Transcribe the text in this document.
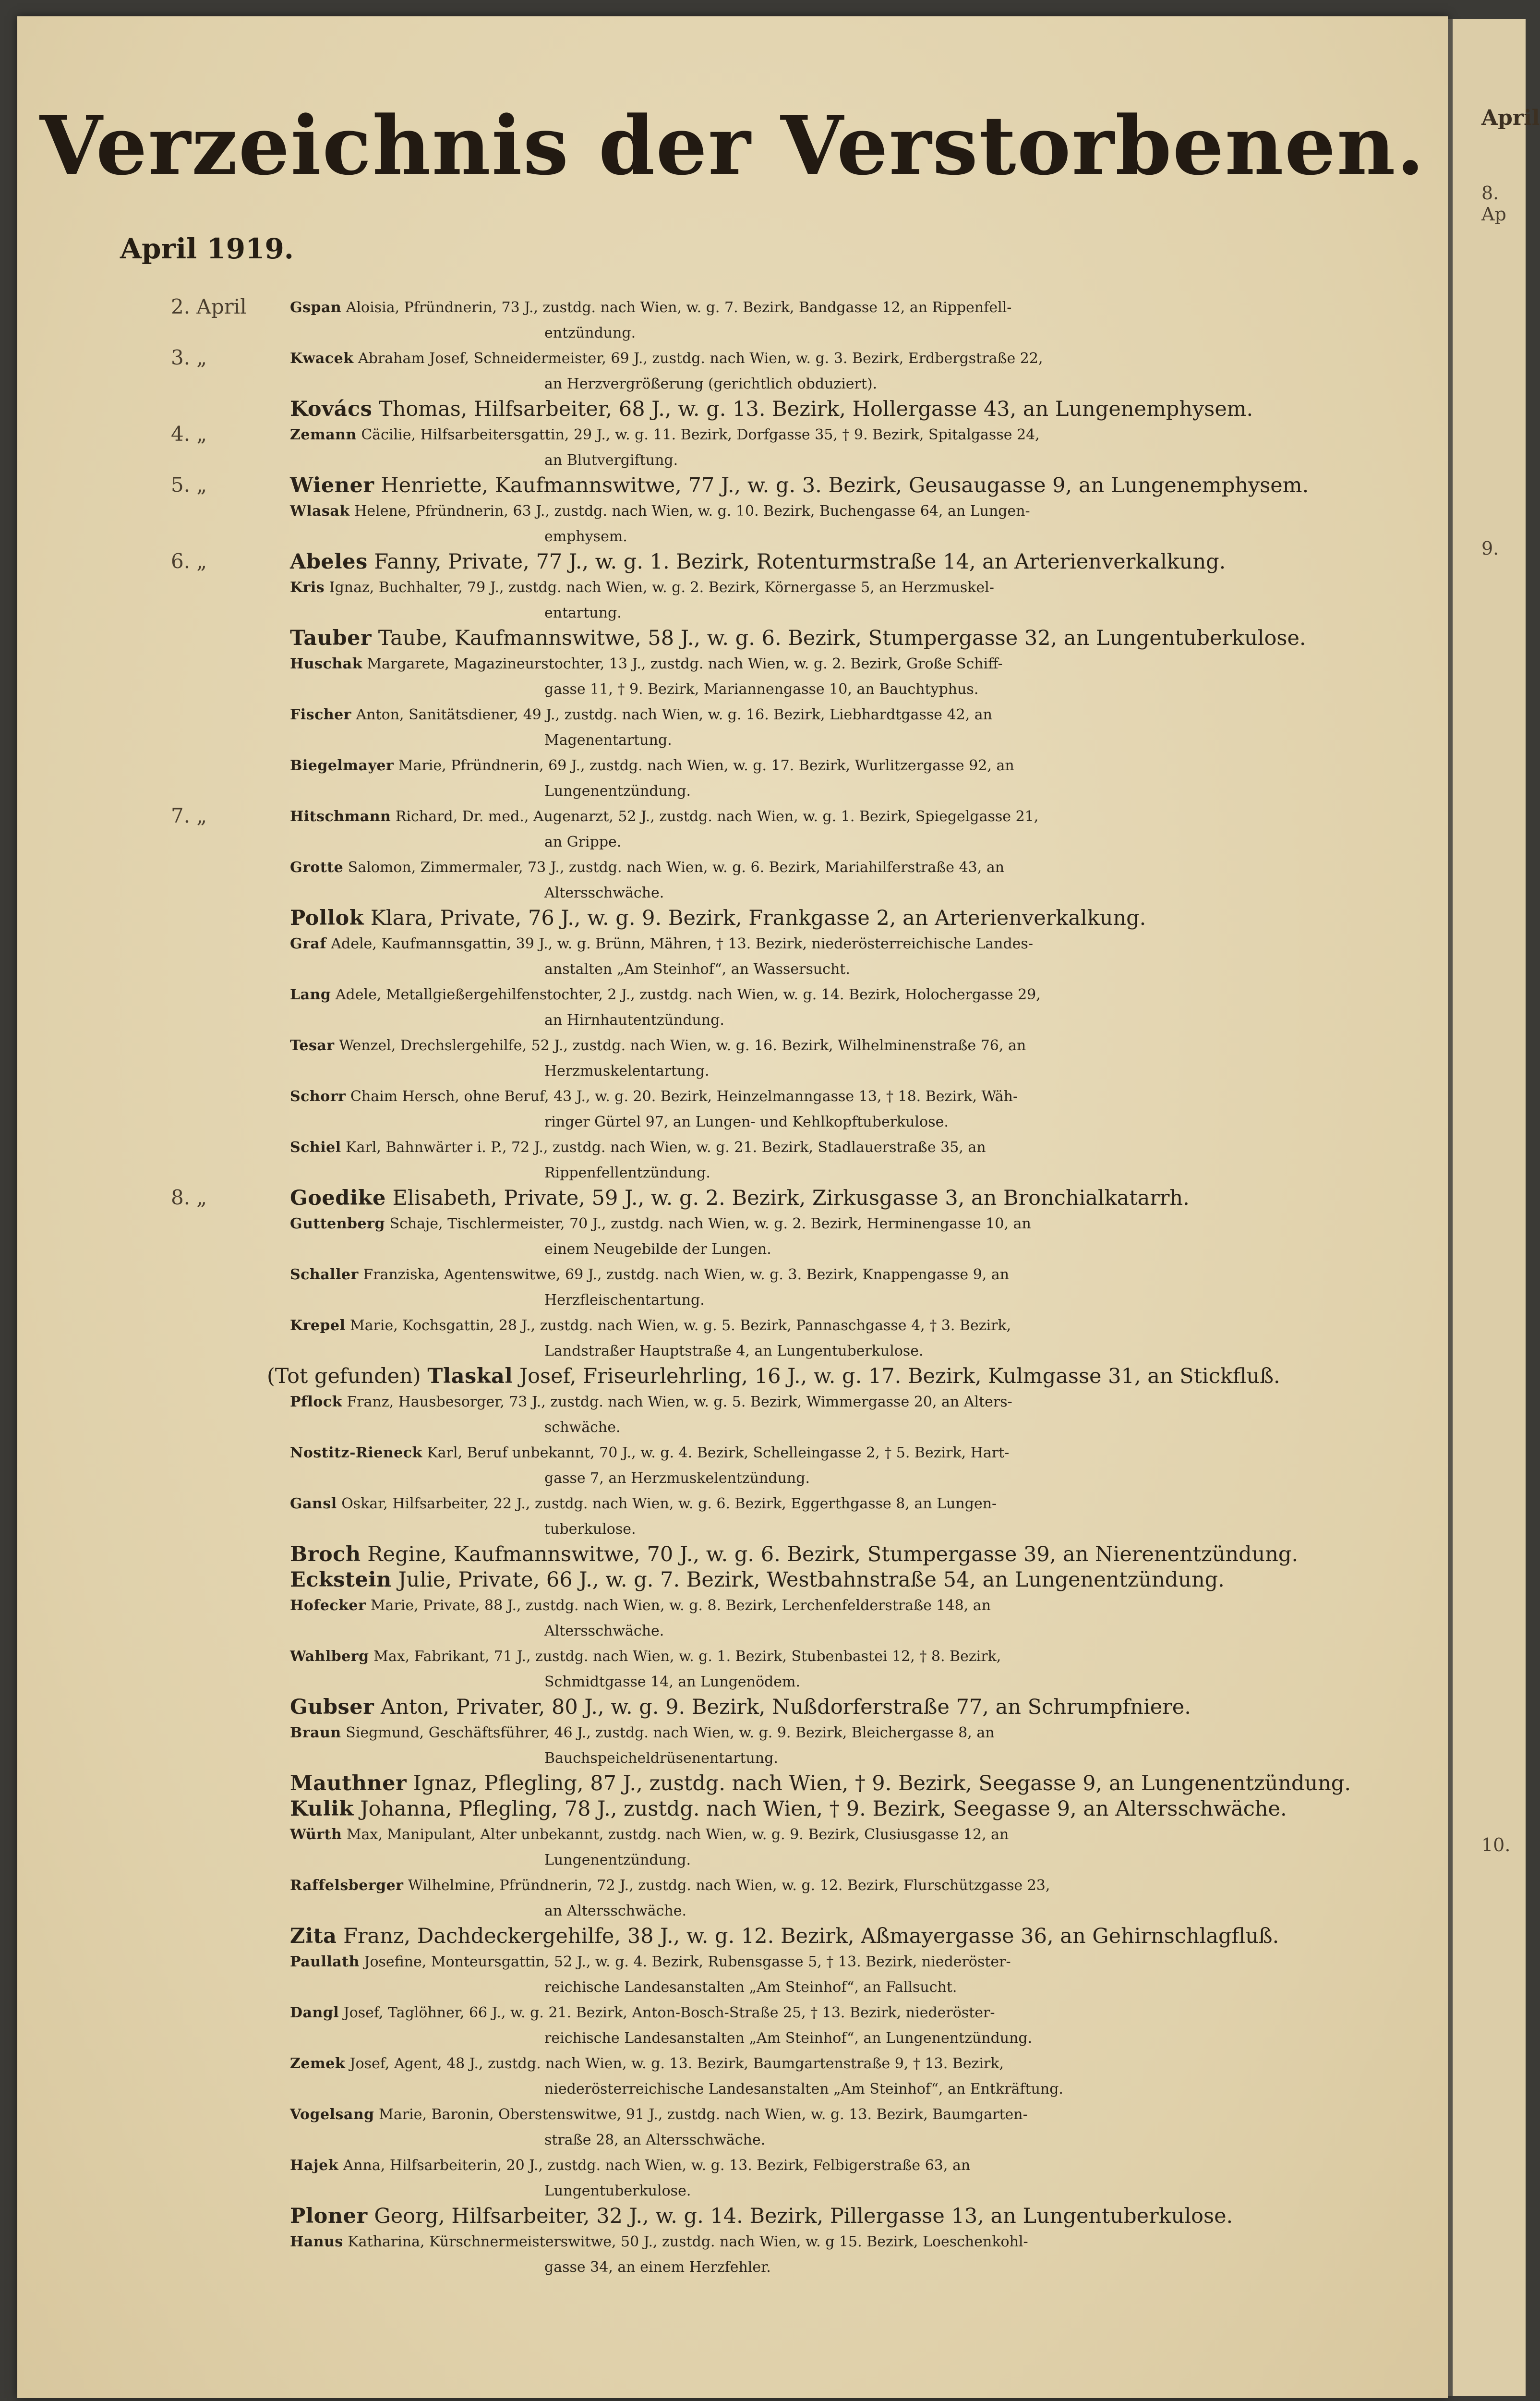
Verzeichnis der Verstorbenen.
April 1919.
2. April	Gspan Aloisia, Pfründnerin, 73 J., zustdg. nach Wien, w. g. 7. Bezirk, Bandgasse 12, an Rippenfell-
entzündung.
3. „	Kwacek Abraham Josef, Schneidermeister, 69 J., zustdg. nach Wien, w. g. 3. Bezirk, Erdbergstraße 22,
an Herzvergrößerung (gerichtlich obduziert).
Kovács Thomas, Hilfsarbeiter, 68 J., w. g. 13. Bezirk, Hollergasse 43, an Lungenemphysem.
4. „	Zemann Cäcilie, Hilfsarbeitersgattin, 29 J., w. g. 11. Bezirk, Dorfgasse 35, † 9. Bezirk, Spitalgasse 24,
an Blutvergiftung.
5. „	Wiener Henriette, Kaufmannswitwe, 77 J., w. g. 3. Bezirk, Geusaugasse 9, an Lungenemphysem.
Wlasak Helene, Pfründnerin, 63 J., zustdg. nach Wien, w. g. 10. Bezirk, Buchengasse 64, an Lungen-
emphysem.
6. „	Abeles Fanny, Private, 77 J., w. g. 1. Bezirk, Rotenturmstraße 14, an Arterienverkalkung.
Kris Ignaz, Buchhalter, 79 J., zustdg. nach Wien, w. g. 2. Bezirk, Körnergasse 5, an Herzmuskel-
entartung.
Tauber Taube, Kaufmannswitwe, 58 J., w. g. 6. Bezirk, Stumpergasse 32, an Lungentuberkulose.
Huschak Margarete, Magazineurstochter, 13 J., zustdg. nach Wien, w. g. 2. Bezirk, Große Schiff-
gasse 11, † 9. Bezirk, Mariannengasse 10, an Bauchtyphus.
Fischer Anton, Sanitätsdiener, 49 J., zustdg. nach Wien, w. g. 16. Bezirk, Liebhardtgasse 42, an
Magenentartung.
Biegelmayer Marie, Pfründnerin, 69 J., zustdg. nach Wien, w. g. 17. Bezirk, Wurlitzergasse 92, an
Lungenentzündung.
7. „	Hitschmann Richard, Dr. med., Augenarzt, 52 J., zustdg. nach Wien, w. g. 1. Bezirk, Spiegelgasse 21,
an Grippe.
Grotte Salomon, Zimmermaler, 73 J., zustdg. nach Wien, w. g. 6. Bezirk, Mariahilferstraße 43, an
Altersschwäche.
Pollok Klara, Private, 76 J., w. g. 9. Bezirk, Frankgasse 2, an Arterienverkalkung.
Graf Adele, Kaufmannsgattin, 39 J., w. g. Brünn, Mähren, † 13. Bezirk, niederösterreichische Landes-
anstalten „Am Steinhof“, an Wassersucht.
Lang Adele, Metallgießergehilfenstochter, 2 J., zustdg. nach Wien, w. g. 14. Bezirk, Holochergasse 29,
an Hirnhautentzündung.
Tesar Wenzel, Drechslergehilfe, 52 J., zustdg. nach Wien, w. g. 16. Bezirk, Wilhelminenstraße 76, an
Herzmuskelentartung.
Schorr Chaim Hersch, ohne Beruf, 43 J., w. g. 20. Bezirk, Heinzelmanngasse 13, † 18. Bezirk, Wäh-
ringer Gürtel 97, an Lungen- und Kehlkopftuberkulose.
Schiel Karl, Bahnwärter i. P., 72 J., zustdg. nach Wien, w. g. 21. Bezirk, Stadlauerstraße 35, an
Rippenfellentzündung.
8. „	Goedike Elisabeth, Private, 59 J., w. g. 2. Bezirk, Zirkusgasse 3, an Bronchialkatarrh.
Guttenberg Schaje, Tischlermeister, 70 J., zustdg. nach Wien, w. g. 2. Bezirk, Herminengasse 10, an
einem Neugebilde der Lungen.
Schaller Franziska, Agentenswitwe, 69 J., zustdg. nach Wien, w. g. 3. Bezirk, Knappengasse 9, an
Herzfleischentartung.
Krepel Marie, Kochsgattin, 28 J., zustdg. nach Wien, w. g. 5. Bezirk, Pannaschgasse 4, † 3. Bezirk,
Landstraßer Hauptstraße 4, an Lungentuberkulose.
(Tot gefunden) Tlaskal Josef, Friseurlehrling, 16 J., w. g. 17. Bezirk, Kulmgasse 31, an Stickfluß.
Pflock Franz, Hausbesorger, 73 J., zustdg. nach Wien, w. g. 5. Bezirk, Wimmergasse 20, an Alters-
schwäche.
Nostitz-Rieneck Karl, Beruf unbekannt, 70 J., w. g. 4. Bezirk, Schelleingasse 2, † 5. Bezirk, Hart-
gasse 7, an Herzmuskelentzündung.
Gansl Oskar, Hilfsarbeiter, 22 J., zustdg. nach Wien, w. g. 6. Bezirk, Eggerthgasse 8, an Lungen-
tuberkulose.
Broch Regine, Kaufmannswitwe, 70 J., w. g. 6. Bezirk, Stumpergasse 39, an Nierenentzündung.
Eckstein Julie, Private, 66 J., w. g. 7. Bezirk, Westbahnstraße 54, an Lungenentzündung.
Hofecker Marie, Private, 88 J., zustdg. nach Wien, w. g. 8. Bezirk, Lerchenfelderstraße 148, an
Altersschwäche.
Wahlberg Max, Fabrikant, 71 J., zustdg. nach Wien, w. g. 1. Bezirk, Stubenbastei 12, † 8. Bezirk,
Schmidtgasse 14, an Lungenödem.
Gubser Anton, Privater, 80 J., w. g. 9. Bezirk, Nußdorferstraße 77, an Schrumpfniere.
Braun Siegmund, Geschäftsführer, 46 J., zustdg. nach Wien, w. g. 9. Bezirk, Bleichergasse 8, an
Bauchspeicheldrüsenentartung.
Mauthner Ignaz, Pflegling, 87 J., zustdg. nach Wien, † 9. Bezirk, Seegasse 9, an Lungenentzündung.
Kulik Johanna, Pflegling, 78 J., zustdg. nach Wien, † 9. Bezirk, Seegasse 9, an Altersschwäche.
Würth Max, Manipulant, Alter unbekannt, zustdg. nach Wien, w. g. 9. Bezirk, Clusiusgasse 12, an
Lungenentzündung.
Raffelsberger Wilhelmine, Pfründnerin, 72 J., zustdg. nach Wien, w. g. 12. Bezirk, Flurschützgasse 23,
an Altersschwäche.
Zita Franz, Dachdeckergehilfe, 38 J., w. g. 12. Bezirk, Aßmayergasse 36, an Gehirnschlagfluß.
Paullath Josefine, Monteursgattin, 52 J., w. g. 4. Bezirk, Rubensgasse 5, † 13. Bezirk, niederöster-
reichische Landesanstalten „Am Steinhof“, an Fallsucht.
Dangl Josef, Taglöhner, 66 J., w. g. 21. Bezirk, Anton-Bosch-Straße 25, † 13. Bezirk, niederöster-
reichische Landesanstalten „Am Steinhof“, an Lungenentzündung.
Zemek Josef, Agent, 48 J., zustdg. nach Wien, w. g. 13. Bezirk, Baumgartenstraße 9, † 13. Bezirk,
niederösterreichische Landesanstalten „Am Steinhof“, an Entkräftung.
Vogelsang Marie, Baronin, Oberstenswitwe, 91 J., zustdg. nach Wien, w. g. 13. Bezirk, Baumgarten-
straße 28, an Altersschwäche.
Hajek Anna, Hilfsarbeiterin, 20 J., zustdg. nach Wien, w. g. 13. Bezirk, Felbigerstraße 63, an
Lungentuberkulose.
Ploner Georg, Hilfsarbeiter, 32 J., w. g. 14. Bezirk, Pillergasse 13, an Lungentuberkulose.
Hanus Katharina, Kürschnermeisterswitwe, 50 J., zustdg. nach Wien, w. g 15. Bezirk, Loeschenkohl-
gasse 34, an einem Herzfehler.
April
8. Ap
9.
10.
